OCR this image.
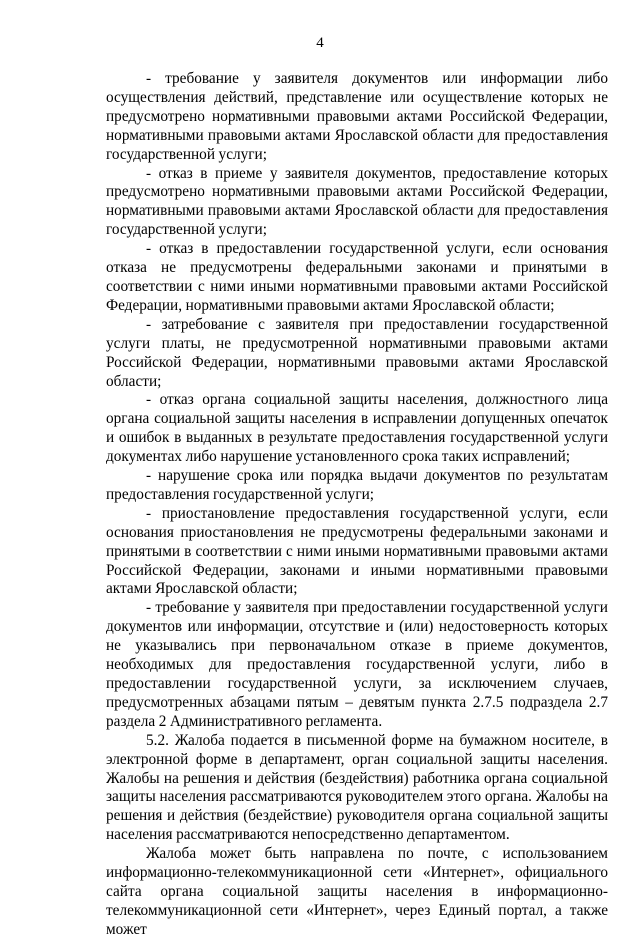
4

- требование у заявителя документов или информации либо осуществления действий, представление или осуществление которых не предусмотрено нормативными правовыми актами Российской Федерации, нормативными правовыми актами Ярославской области для предоставления государственной услуги;

- отказ в приеме у заявителя документов, предоставление которых предусмотрено нормативными правовыми актами Российской Федерации, нормативными правовыми актами Ярославской области для предоставления государственной услуги;

- отказ в предоставлении государственной услуги, если основания отказа не предусмотрены федеральными законами и принятыми в соответствии с ними иными нормативными правовыми актами Российской Федерации, нормативными правовыми актами Ярославской области;

- затребование с заявителя при предоставлении государственной услуги платы, не предусмотренной нормативными правовыми актами Российской Федерации, нормативными правовыми актами Ярославской области;

- отказ органа социальной защиты населения, должностного лица органа социальной защиты населения в исправлении допущенных опечаток и ошибок в выданных в результате предоставления государственной услуги документах либо нарушение установленного срока таких исправлений;

- нарушение срока или порядка выдачи документов по результатам предоставления государственной услуги;

- приостановление предоставления государственной услуги, если основания приостановления не предусмотрены федеральными законами и принятыми в соответствии с ними иными нормативными правовыми актами Российской Федерации, законами и иными нормативными правовыми актами Ярославской области;

- требование у заявителя при предоставлении государственной услуги документов или информации, отсутствие и (или) недостоверность которых не указывались при первоначальном отказе в приеме документов, необходимых для предоставления государственной услуги, либо в предоставлении государственной услуги, за исключением случаев, предусмотренных абзацами пятым – девятым пункта 2.7.5 подраздела 2.7 раздела 2 Административного регламента.

5.2. Жалоба подается в письменной форме на бумажном носителе, в электронной форме в департамент, орган социальной защиты населения. Жалобы на решения и действия (бездействия) работника органа социальной защиты населения рассматриваются руководителем этого органа. Жалобы на решения и действия (бездействие) руководителя органа социальной защиты населения рассматриваются непосредственно департаментом.

Жалоба может быть направлена по почте, с использованием информационно-телекоммуникационной сети «Интернет», официального сайта органа социальной защиты населения в информационно-телекоммуникационной сети «Интернет», через Единый портал, а также может
